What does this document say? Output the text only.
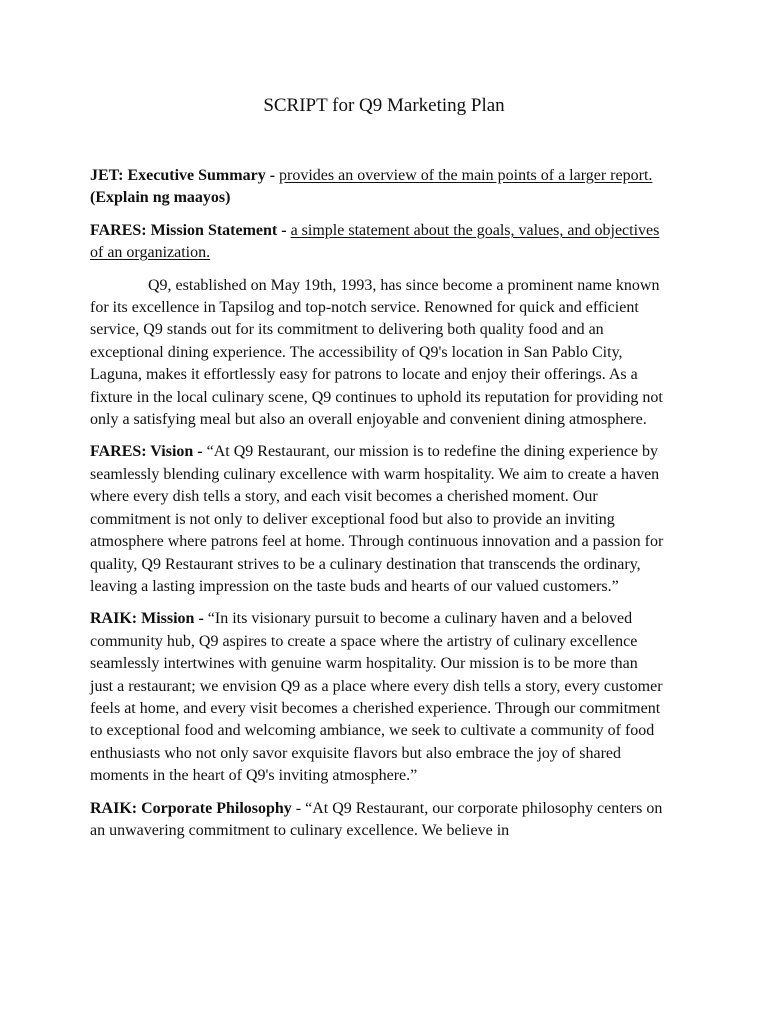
SCRIPT for Q9 Marketing Plan

JET: Executive Summary - provides an overview of the main points of a larger report. (Explain ng maayos)

FARES: Mission Statement - a simple statement about the goals, values, and objectives of an organization.

Q9, established on May 19th, 1993, has since become a prominent name known for its excellence in Tapsilog and top-notch service. Renowned for quick and efficient service, Q9 stands out for its commitment to delivering both quality food and an exceptional dining experience. The accessibility of Q9's location in San Pablo City, Laguna, makes it effortlessly easy for patrons to locate and enjoy their offerings. As a fixture in the local culinary scene, Q9 continues to uphold its reputation for providing not only a satisfying meal but also an overall enjoyable and convenient dining atmosphere.

FARES: Vision - “At Q9 Restaurant, our mission is to redefine the dining experience by seamlessly blending culinary excellence with warm hospitality. We aim to create a haven where every dish tells a story, and each visit becomes a cherished moment. Our commitment is not only to deliver exceptional food but also to provide an inviting atmosphere where patrons feel at home. Through continuous innovation and a passion for quality, Q9 Restaurant strives to be a culinary destination that transcends the ordinary, leaving a lasting impression on the taste buds and hearts of our valued customers.”

RAIK: Mission - “In its visionary pursuit to become a culinary haven and a beloved community hub, Q9 aspires to create a space where the artistry of culinary excellence seamlessly intertwines with genuine warm hospitality. Our mission is to be more than just a restaurant; we envision Q9 as a place where every dish tells a story, every customer feels at home, and every visit becomes a cherished experience. Through our commitment to exceptional food and welcoming ambiance, we seek to cultivate a community of food enthusiasts who not only savor exquisite flavors but also embrace the joy of shared moments in the heart of Q9's inviting atmosphere.”

RAIK: Corporate Philosophy - “At Q9 Restaurant, our corporate philosophy centers on an unwavering commitment to culinary excellence. We believe in
